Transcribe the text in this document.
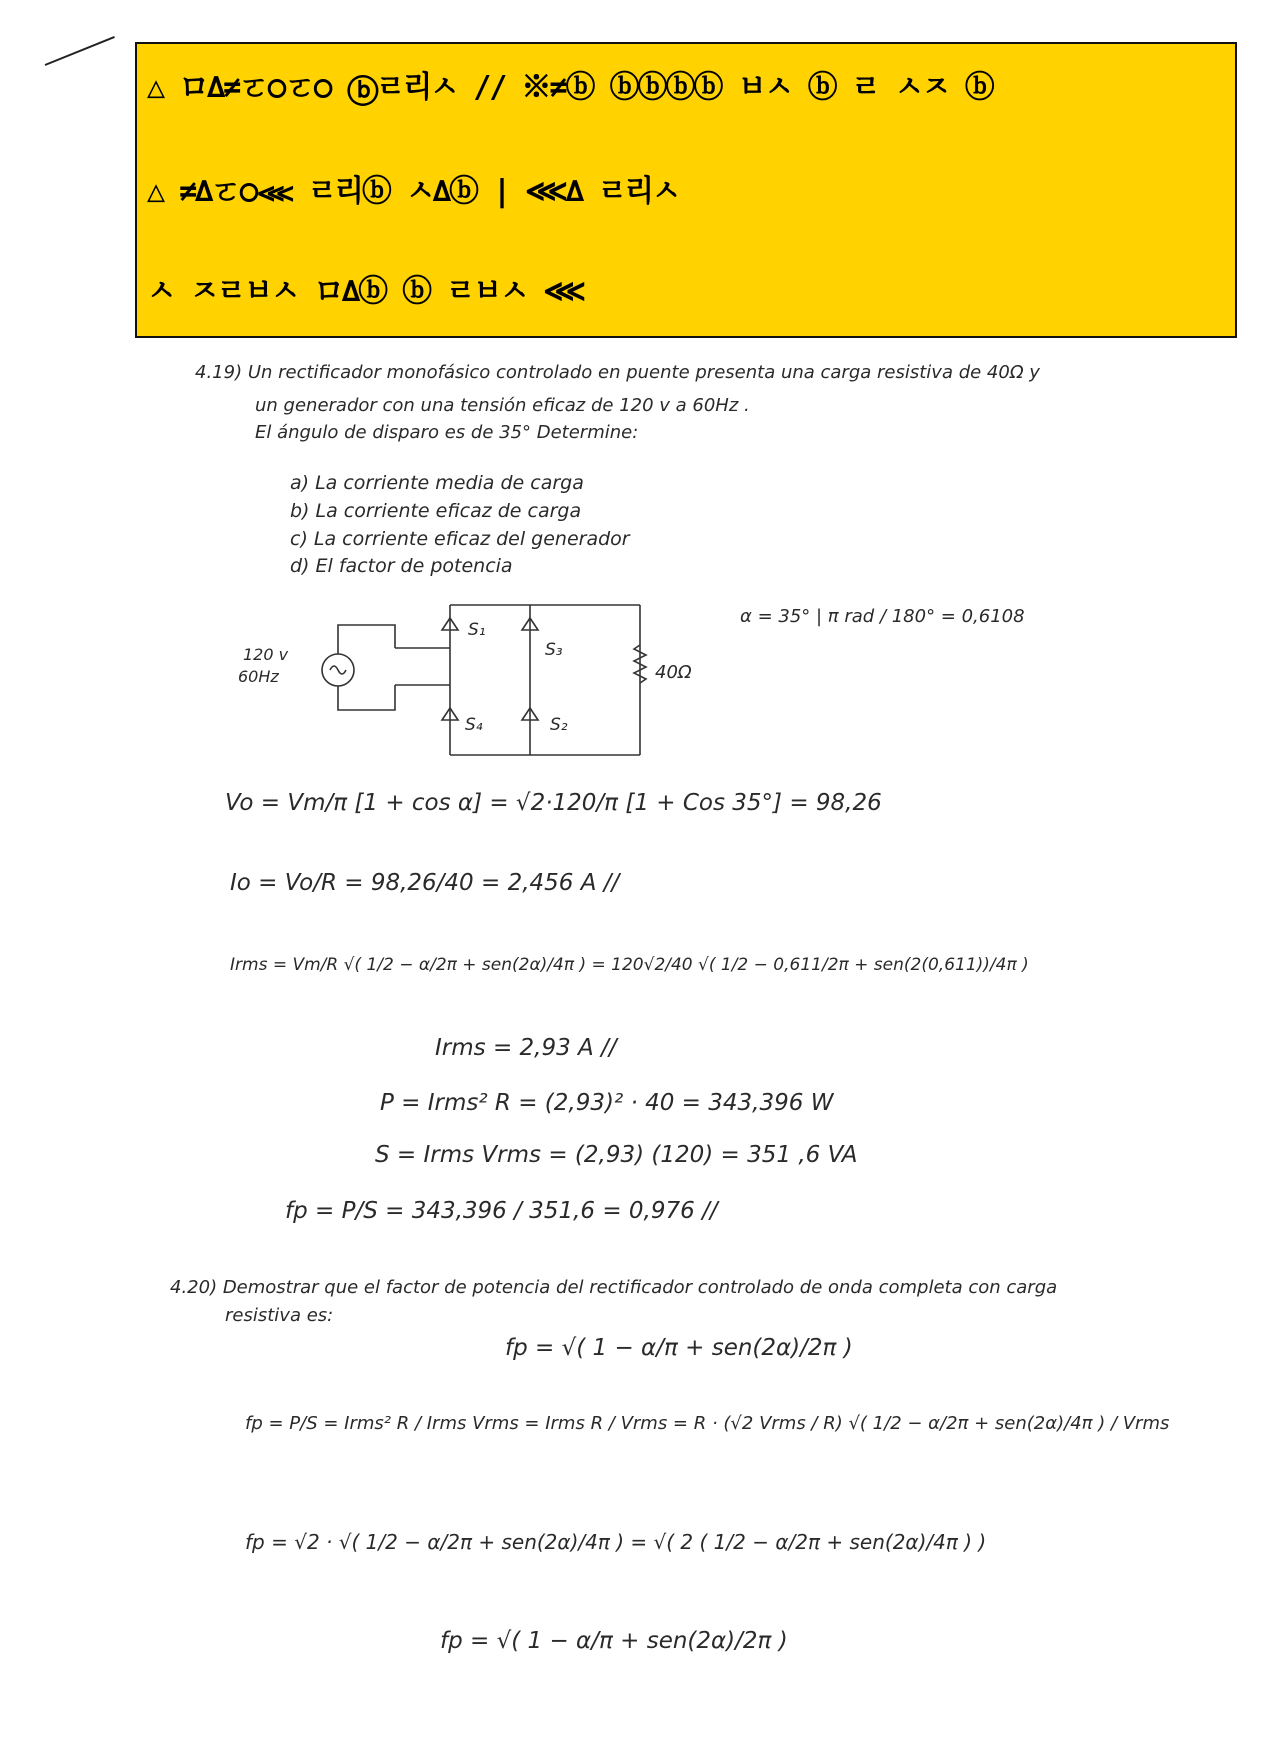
△ ロ∆≠ㄛ੦ㄛ੦ ⓑㄹ리ㅅ // ※≠ⓑ ⓑⓑⓑⓑ ㅂㅅ ⓑ ㄹ ㅅㅈ ⓑ
△ ≠∆ㄛ੦⋘ ㄹ리ⓑ ㅅ∆ⓑ | ⋘∆ ㄹ리ㅅ
ㅅ ㅈㄹㅂㅅ ロ∆ⓑ ⓑ ㄹㅂㅅ ⋘
4.19) Un rectificador monofásico controlado en puente presenta una carga resistiva de 40Ω y
un generador con una tensión eficaz de 120 v a 60Hz .
El ángulo de disparo es de 35° Determine:
a) La corriente media de carga
b) La corriente eficaz de carga
c) La corriente eficaz del generador
d) El factor de potencia
120 v
60Hz
S₁
S₃
S₄	S₂
40Ω
α = 35° | π rad / 180° = 0,6108
Vo = Vm/π [1 + cos α] = √2·120/π [1 + Cos 35°] = 98,26
Io = Vo/R = 98,26/40 = 2,456 A //
Irms = Vm/R √( 1/2 − α/2π + sen(2α)/4π ) = 120√2/40 √( 1/2 − 0,611/2π + sen(2(0,611))/4π )
Irms = 2,93 A //
P = Irms² R = (2,93)² · 40 = 343,396 W
S = Irms Vrms = (2,93) (120) = 351 ,6 VA
fp = P/S = 343,396 / 351,6 = 0,976 //
4.20) Demostrar que el factor de potencia del rectificador controlado de onda completa con carga
resistiva es:
fp = √( 1 − α/π + sen(2α)/2π )
fp = P/S = Irms² R / Irms Vrms = Irms R / Vrms = R · (√2 Vrms / R) √( 1/2 − α/2π + sen(2α)/4π ) / Vrms
fp = √2 · √( 1/2 − α/2π + sen(2α)/4π ) = √( 2 ( 1/2 − α/2π + sen(2α)/4π ) )
fp = √( 1 − α/π + sen(2α)/2π )
